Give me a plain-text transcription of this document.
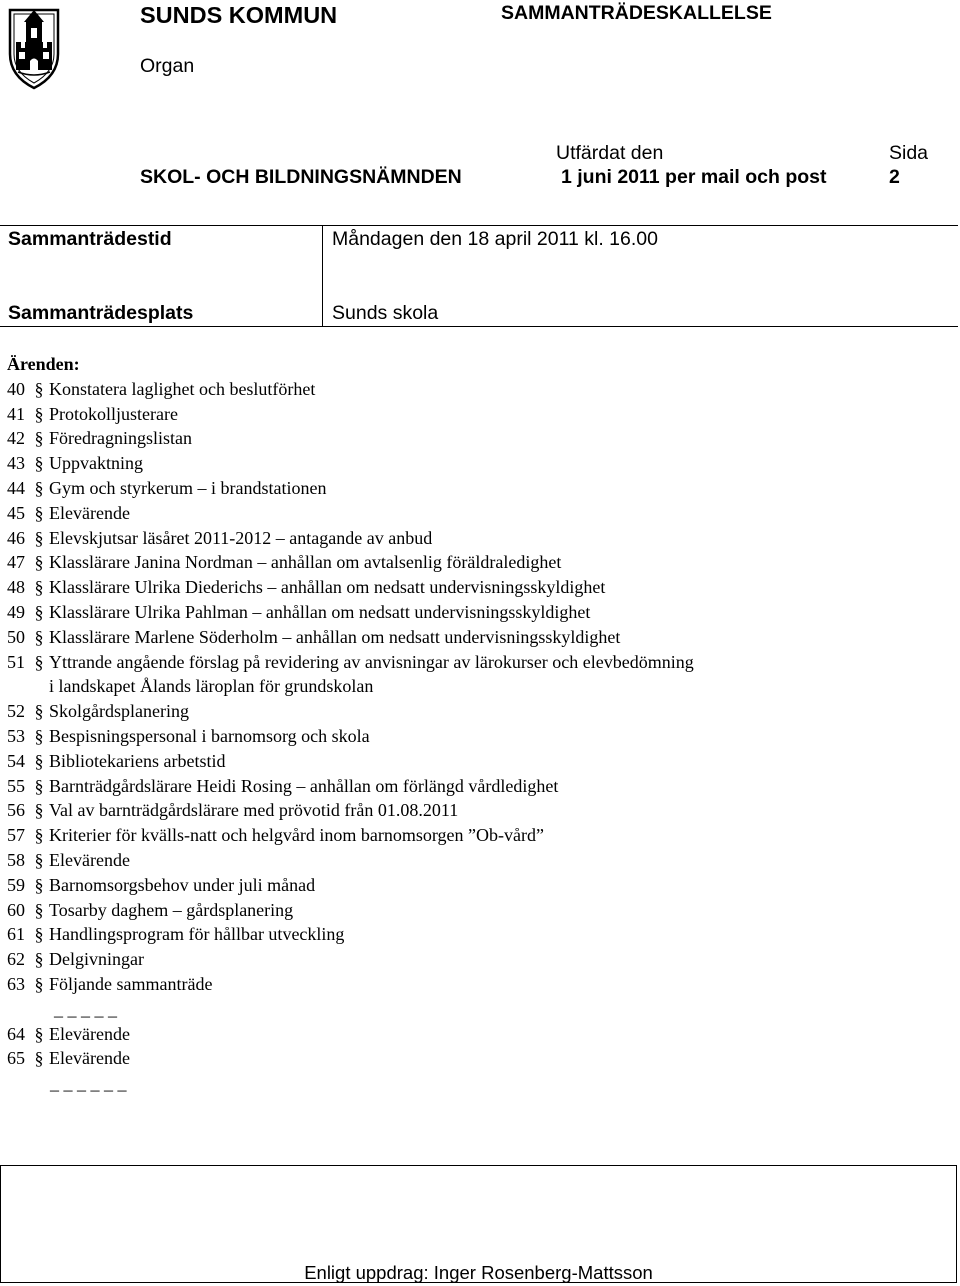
SUNDS KOMMUN	SAMMANTRÄDESKALLELSE
Organ
Utfärdat den	Sida
SKOL- OCH BILDNINGSNÄMNDEN	1 juni 2011 per mail och post	2
Sammanträdestid	Måndagen den 18 april 2011 kl. 16.00
Sammanträdesplats	Sunds skola
Ärenden:
40 § Konstatera laglighet och beslutförhet
41 § Protokolljusterare
42 § Föredragningslistan
43 § Uppvaktning
44 § Gym och styrkerum – i brandstationen
45 § Elevärende
46 § Elevskjutsar läsåret 2011-2012 – antagande av anbud
47 § Klasslärare Janina Nordman – anhållan om avtalsenlig föräldraledighet
48 § Klasslärare Ulrika Diederichs – anhållan om nedsatt undervisningsskyldighet
49 § Klasslärare Ulrika Pahlman – anhållan om nedsatt undervisningsskyldighet
50 § Klasslärare Marlene Söderholm – anhållan om nedsatt undervisningsskyldighet
51 § Yttrande angående förslag på revidering av anvisningar av lärokurser och elevbedömning
i landskapet Ålands läroplan för grundskolan
52 § Skolgårdsplanering
53 § Bespisningspersonal i barnomsorg och skola
54 § Bibliotekariens arbetstid
55 § Barnträdgårdslärare Heidi Rosing – anhållan om förlängd vårdledighet
56 § Val av barnträdgårdslärare med prövotid från 01.08.2011
57 § Kriterier för kvälls-natt och helgvård inom barnomsorgen ”Ob-vård”
58 § Elevärende
59 § Barnomsorgsbehov under juli månad
60 § Tosarby daghem – gårdsplanering
61 § Handlingsprogram för hållbar utveckling
62 § Delgivningar
63 § Följande sammanträde
_ _ _ _ _
64 § Elevärende
65 § Elevärende
_ _ _ _ _ _
Enligt uppdrag: Inger Rosenberg-Mattsson
